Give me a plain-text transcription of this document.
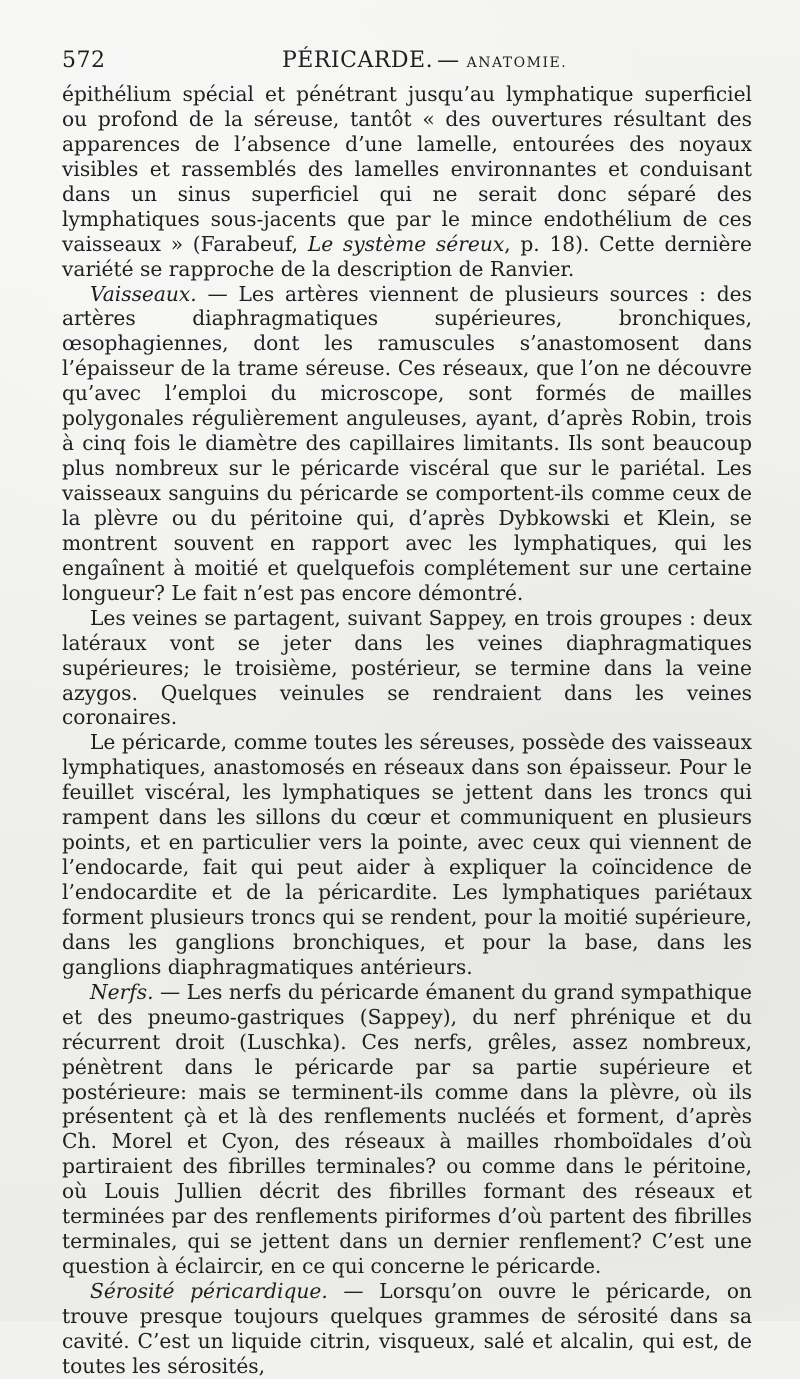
572	PÉRICARDE. — ANATOMIE.

épithélium spécial et pénétrant jusqu’au lymphatique superficiel ou profond de la séreuse, tantôt « des ouvertures résultant des apparences de l’absence d’une lamelle, entourées des noyaux visibles et rassemblés des lamelles environnantes et conduisant dans un sinus superficiel qui ne serait donc séparé des lymphatiques sous-jacents que par le mince endothélium de ces vaisseaux » (Farabeuf, Le système séreux, p. 18). Cette dernière variété se rapproche de la description de Ranvier.

Vaisseaux. — Les artères viennent de plusieurs sources : des artères diaphragmatiques supérieures, bronchiques, œsophagiennes, dont les ramuscules s’anastomosent dans l’épaisseur de la trame séreuse. Ces réseaux, que l’on ne découvre qu’avec l’emploi du microscope, sont formés de mailles polygonales régulièrement anguleuses, ayant, d’après Robin, trois à cinq fois le diamètre des capillaires limitants. Ils sont beaucoup plus nombreux sur le péricarde viscéral que sur le pariétal. Les vaisseaux sanguins du péricarde se comportent-ils comme ceux de la plèvre ou du péritoine qui, d’après Dybkowski et Klein, se montrent souvent en rapport avec les lymphatiques, qui les engaînent à moitié et quelquefois complétement sur une certaine longueur? Le fait n’est pas encore démontré.

Les veines se partagent, suivant Sappey, en trois groupes : deux latéraux vont se jeter dans les veines diaphragmatiques supérieures; le troisième, postérieur, se termine dans la veine azygos. Quelques veinules se rendraient dans les veines coronaires.

Le péricarde, comme toutes les séreuses, possède des vaisseaux lymphatiques, anastomosés en réseaux dans son épaisseur. Pour le feuillet viscéral, les lymphatiques se jettent dans les troncs qui rampent dans les sillons du cœur et communiquent en plusieurs points, et en particulier vers la pointe, avec ceux qui viennent de l’endocarde, fait qui peut aider à expliquer la coïncidence de l’endocardite et de la péricardite. Les lymphatiques pariétaux forment plusieurs troncs qui se rendent, pour la moitié supérieure, dans les ganglions bronchiques, et pour la base, dans les ganglions diaphragmatiques antérieurs.

Nerfs. — Les nerfs du péricarde émanent du grand sympathique et des pneumo-gastriques (Sappey), du nerf phrénique et du récurrent droit (Luschka). Ces nerfs, grêles, assez nombreux, pénètrent dans le péricarde par sa partie supérieure et postérieure: mais se terminent-ils comme dans la plèvre, où ils présentent çà et là des renflements nucléés et forment, d’après Ch. Morel et Cyon, des réseaux à mailles rhomboïdales d’où partiraient des fibrilles terminales? ou comme dans le péritoine, où Louis Jullien décrit des fibrilles formant des réseaux et terminées par des renflements piriformes d’où partent des fibrilles terminales, qui se jettent dans un dernier renflement? C’est une question à éclaircir, en ce qui concerne le péricarde.

Sérosité péricardique. — Lorsqu’on ouvre le péricarde, on trouve presque toujours quelques grammes de sérosité dans sa cavité. C’est un liquide citrin, visqueux, salé et alcalin, qui est, de toutes les sérosités,
